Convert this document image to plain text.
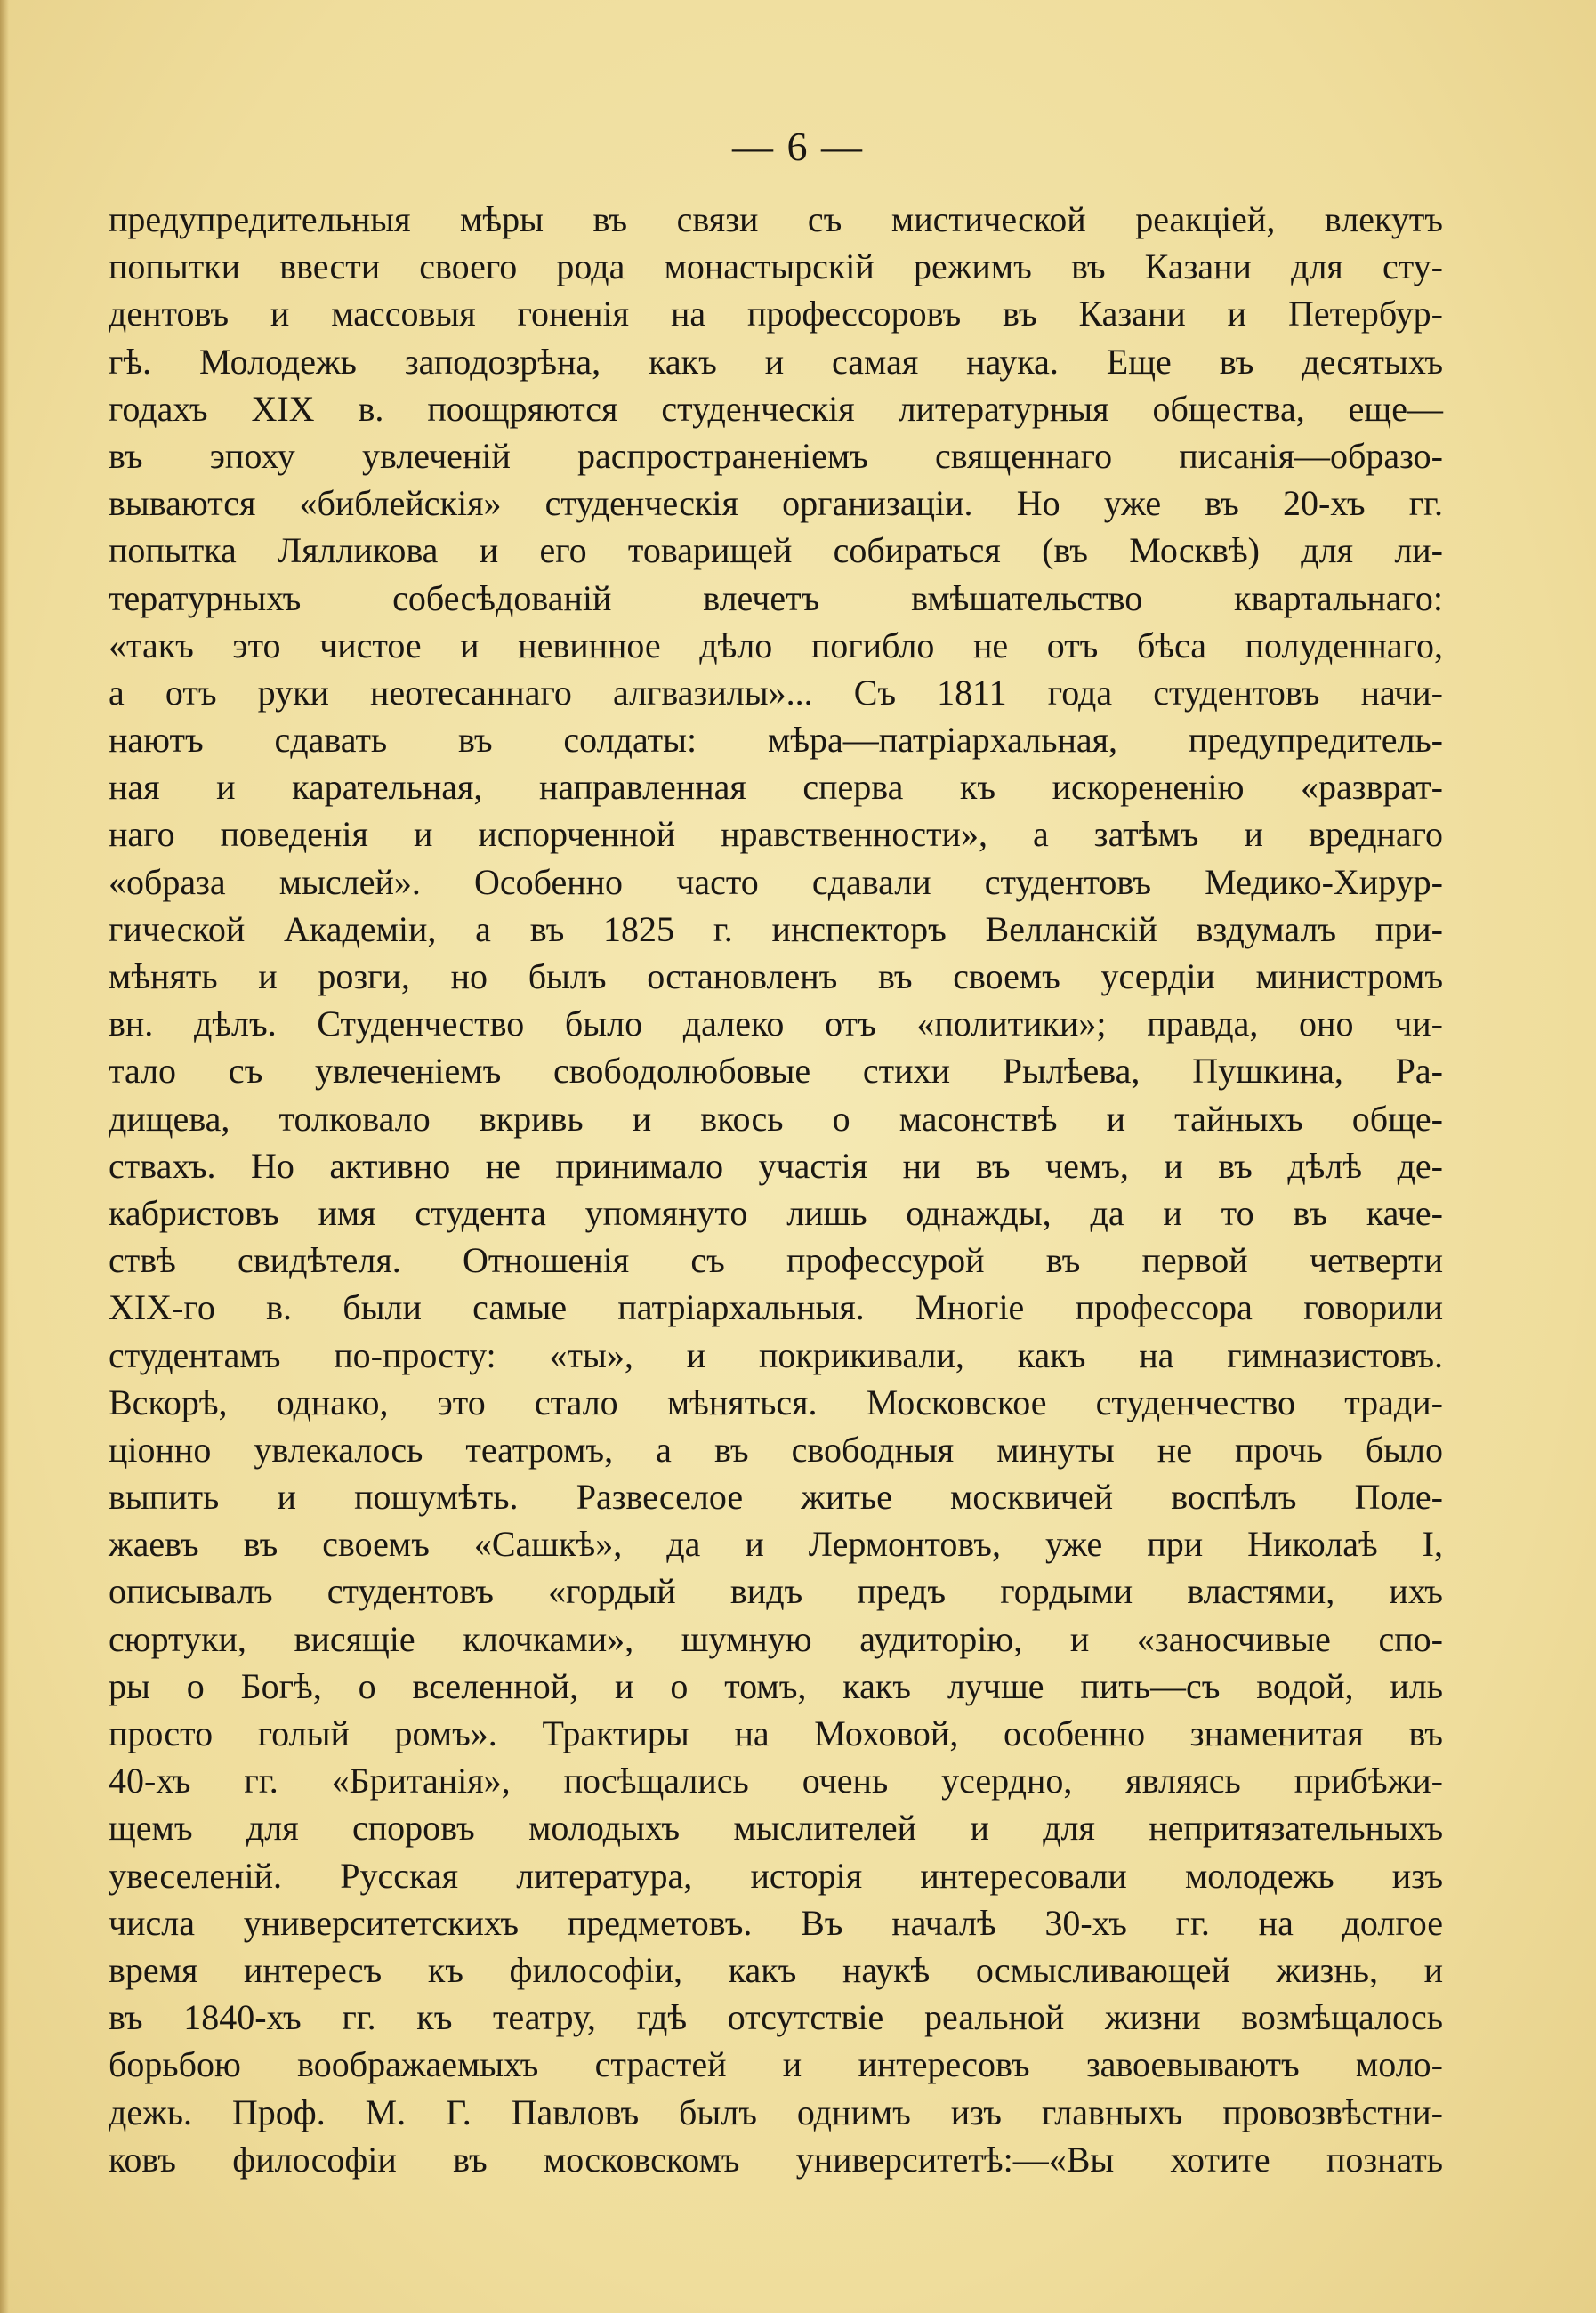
— 6 —
предупредительныя мѣры въ связи съ мистической реакціей, влекутъ
попытки ввести своего рода монастырскій режимъ въ Казани для сту-
дентовъ и массовыя гоненія на профессоровъ въ Казани и Петербур-
гѣ. Молодежь заподозрѣна, какъ и самая наука. Еще въ десятыхъ
годахъ XIX в. поощряются студенческія литературныя общества, еще—
въ эпоху увлеченій распространеніемъ священнаго писанія—образо-
вываются «библейскія» студенческія организаціи. Но уже въ 20-хъ гг.
попытка Лялликова и его товарищей собираться (въ Москвѣ) для ли-
тературныхъ собесѣдованій влечетъ вмѣшательство квартальнаго:
«такъ это чистое и невинное дѣло погибло не отъ бѣса полуденнаго,
а отъ руки неотесаннаго алгвазилы»... Съ 1811 года студентовъ начи-
наютъ сдавать въ солдаты: мѣра—патріархальная, предупредитель-
ная и карательная, направленная сперва къ искорененію «разврат-
наго поведенія и испорченной нравственности», а затѣмъ и вреднаго
«образа мыслей». Особенно часто сдавали студентовъ Медико-Хирур-
гической Академіи, а въ 1825 г. инспекторъ Велланскій вздумалъ при-
мѣнять и розги, но былъ остановленъ въ своемъ усердіи министромъ
вн. дѣлъ. Студенчество было далеко отъ «политики»; правда, оно чи-
тало съ увлеченіемъ свободолюбовые стихи Рылѣева, Пушкина, Ра-
дищева, толковало вкривь и вкось о масонствѣ и тайныхъ обще-
ствахъ. Но активно не принимало участія ни въ чемъ, и въ дѣлѣ де-
кабристовъ имя студента упомянуто лишь однажды, да и то въ каче-
ствѣ свидѣтеля. Отношенія съ профессурой въ первой четверти
XIX-го в. были самые патріархальныя. Многіе профессора говорили
студентамъ по-просту: «ты», и покрикивали, какъ на гимназистовъ.
Вскорѣ, однако, это стало мѣняться. Московское студенчество тради-
ціонно увлекалось театромъ, а въ свободныя минуты не прочь было
выпить и пошумѣть. Развеселое житье москвичей воспѣлъ Поле-
жаевъ въ своемъ «Сашкѣ», да и Лермонтовъ, уже при Николаѣ I,
описывалъ студентовъ «гордый видъ предъ гордыми властями, ихъ
сюртуки, висящіе клочками», шумную аудиторію, и «заносчивые спо-
ры о Богѣ, о вселенной, и о томъ, какъ лучше пить—съ водой, иль
просто голый ромъ». Трактиры на Моховой, особенно знаменитая въ
40-хъ гг. «Британія», посѣщались очень усердно, являясь прибѣжи-
щемъ для споровъ молодыхъ мыслителей и для непритязательныхъ
увеселеній. Русская литература, исторія интересовали молодежь изъ
числа университетскихъ предметовъ. Въ началѣ 30-хъ гг. на долгое
время интересъ къ философіи, какъ наукѣ осмысливающей жизнь, и
въ 1840-хъ гг. къ театру, гдѣ отсутствіе реальной жизни возмѣщалось
борьбою воображаемыхъ страстей и интересовъ завоевываютъ моло-
дежь. Проф. М. Г. Павловъ былъ однимъ изъ главныхъ провозвѣстни-
ковъ философіи въ московскомъ университетѣ:—«Вы хотите познать
